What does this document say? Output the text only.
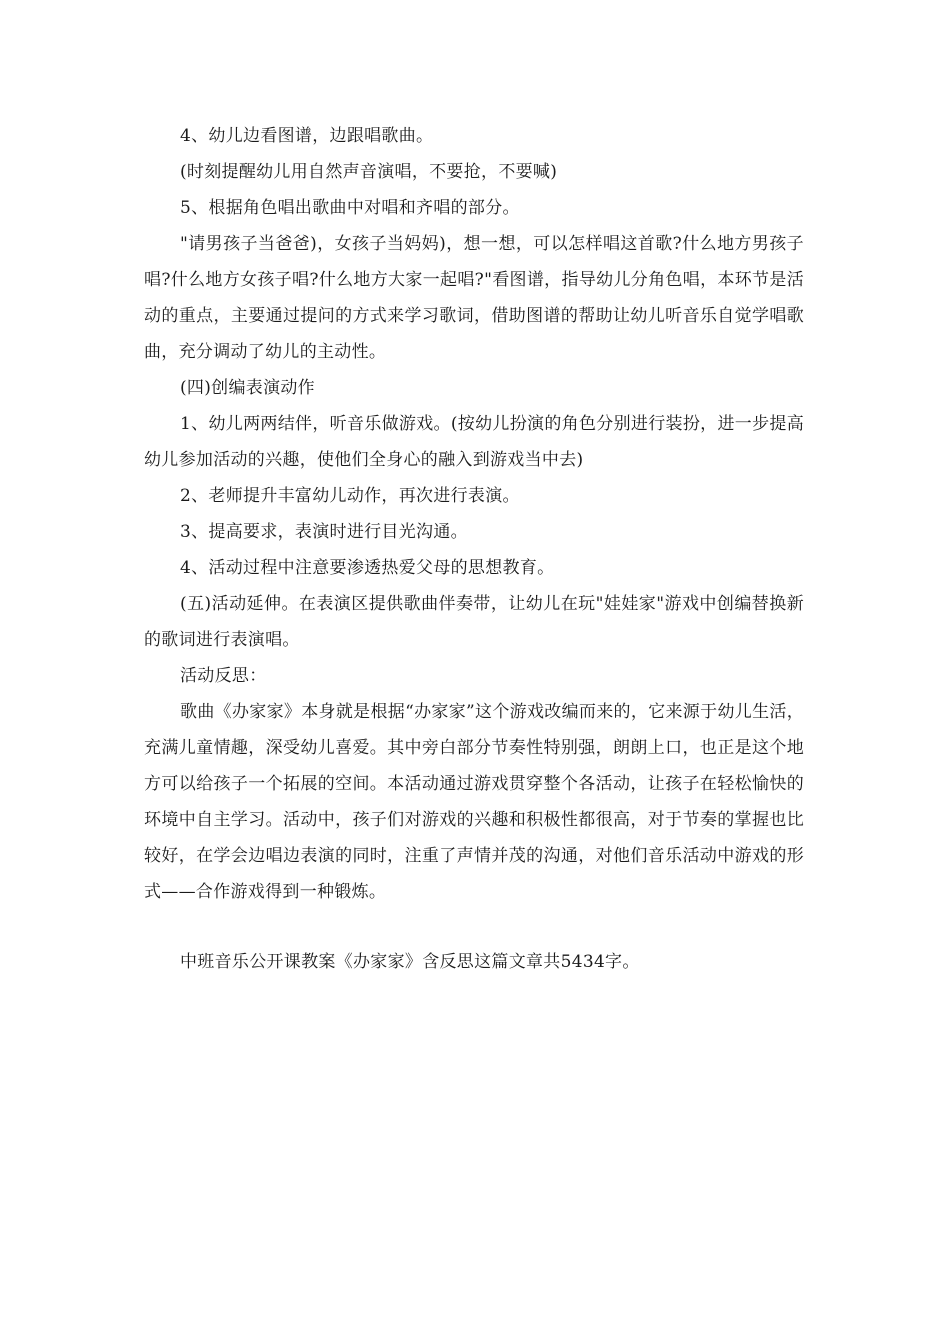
4、幼儿边看图谱，边跟唱歌曲。

(时刻提醒幼儿用自然声音演唱，不要抢，不要喊)

5、根据角色唱出歌曲中对唱和齐唱的部分。

"请男孩子当爸爸)，女孩子当妈妈)，想一想，可以怎样唱这首歌?什么地方男孩子唱?什么地方女孩子唱?什么地方大家一起唱?"看图谱，指导幼儿分角色唱，本环节是活动的重点，主要通过提问的方式来学习歌词，借助图谱的帮助让幼儿听音乐自觉学唱歌曲，充分调动了幼儿的主动性。

(四)创编表演动作

1、幼儿两两结伴，听音乐做游戏。(按幼儿扮演的角色分别进行装扮，进一步提高幼儿参加活动的兴趣，使他们全身心的融入到游戏当中去)

2、老师提升丰富幼儿动作，再次进行表演。

3、提高要求，表演时进行目光沟通。

4、活动过程中注意要渗透热爱父母的思想教育。

(五)活动延伸。在表演区提供歌曲伴奏带，让幼儿在玩"娃娃家"游戏中创编替换新的歌词进行表演唱。

活动反思：

歌曲《办家家》本身就是根据“办家家”这个游戏改编而来的，它来源于幼儿生活，充满儿童情趣，深受幼儿喜爱。其中旁白部分节奏性特别强，朗朗上口，也正是这个地方可以给孩子一个拓展的空间。本活动通过游戏贯穿整个各活动，让孩子在轻松愉快的环境中自主学习。活动中，孩子们对游戏的兴趣和积极性都很高，对于节奏的掌握也比较好，在学会边唱边表演的同时，注重了声情并茂的沟通，对他们音乐活动中游戏的形式——合作游戏得到一种锻炼。

中班音乐公开课教案《办家家》含反思这篇文章共5434字。
